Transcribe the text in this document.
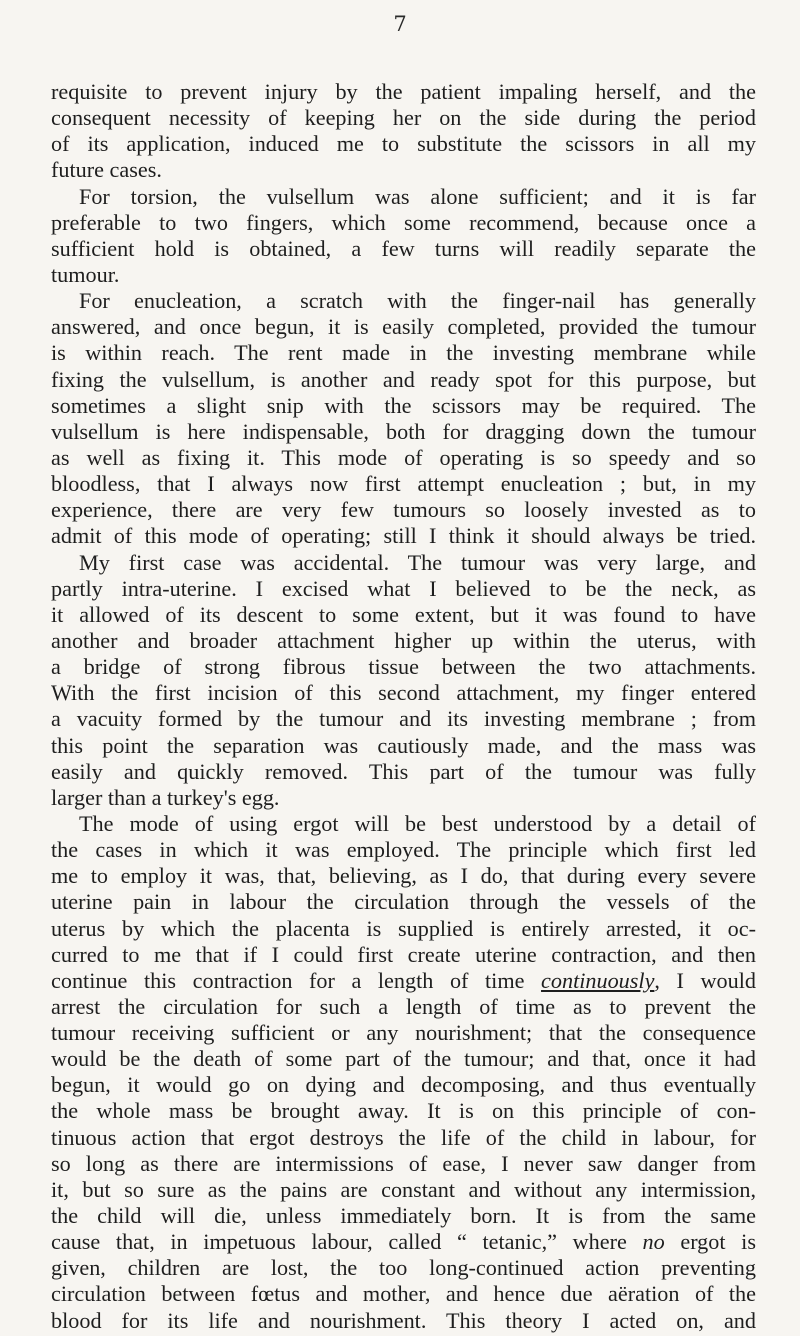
7
requisite to prevent injury by the patient impaling herself, and the
consequent necessity of keeping her on the side during the period
of its application, induced me to substitute the scissors in all my
future cases.
For torsion, the vulsellum was alone sufficient; and it is far
preferable to two fingers, which some recommend, because once a
sufficient hold is obtained, a few turns will readily separate the
tumour.
For enucleation, a scratch with the finger-nail has generally
answered, and once begun, it is easily completed, provided the tumour
is within reach. The rent made in the investing membrane while
fixing the vulsellum, is another and ready spot for this purpose, but
sometimes a slight snip with the scissors may be required. The
vulsellum is here indispensable, both for dragging down the tumour
as well as fixing it. This mode of operating is so speedy and so
bloodless, that I always now first attempt enucleation ; but, in my
experience, there are very few tumours so loosely invested as to
admit of this mode of operating; still I think it should always be tried.
My first case was accidental. The tumour was very large, and
partly intra-uterine. I excised what I believed to be the neck, as
it allowed of its descent to some extent, but it was found to have
another and broader attachment higher up within the uterus, with
a bridge of strong fibrous tissue between the two attachments.
With the first incision of this second attachment, my finger entered
a vacuity formed by the tumour and its investing membrane ; from
this point the separation was cautiously made, and the mass was
easily and quickly removed. This part of the tumour was fully
larger than a turkey's egg.
The mode of using ergot will be best understood by a detail of
the cases in which it was employed. The principle which first led
me to employ it was, that, believing, as I do, that during every severe
uterine pain in labour the circulation through the vessels of the
uterus by which the placenta is supplied is entirely arrested, it oc-
curred to me that if I could first create uterine contraction, and then
continue this contraction for a length of time continuously, I would
arrest the circulation for such a length of time as to prevent the
tumour receiving sufficient or any nourishment; that the consequence
would be the death of some part of the tumour; and that, once it had
begun, it would go on dying and decomposing, and thus eventually
the whole mass be brought away. It is on this principle of con-
tinuous action that ergot destroys the life of the child in labour, for
so long as there are intermissions of ease, I never saw danger from
it, but so sure as the pains are constant and without any intermission,
the child will die, unless immediately born. It is from the same
cause that, in impetuous labour, called “ tetanic,” where no ergot is
given, children are lost, the too long-continued action preventing
circulation between fœtus and mother, and hence due aëration of the
blood for its life and nourishment. This theory I acted on, and
